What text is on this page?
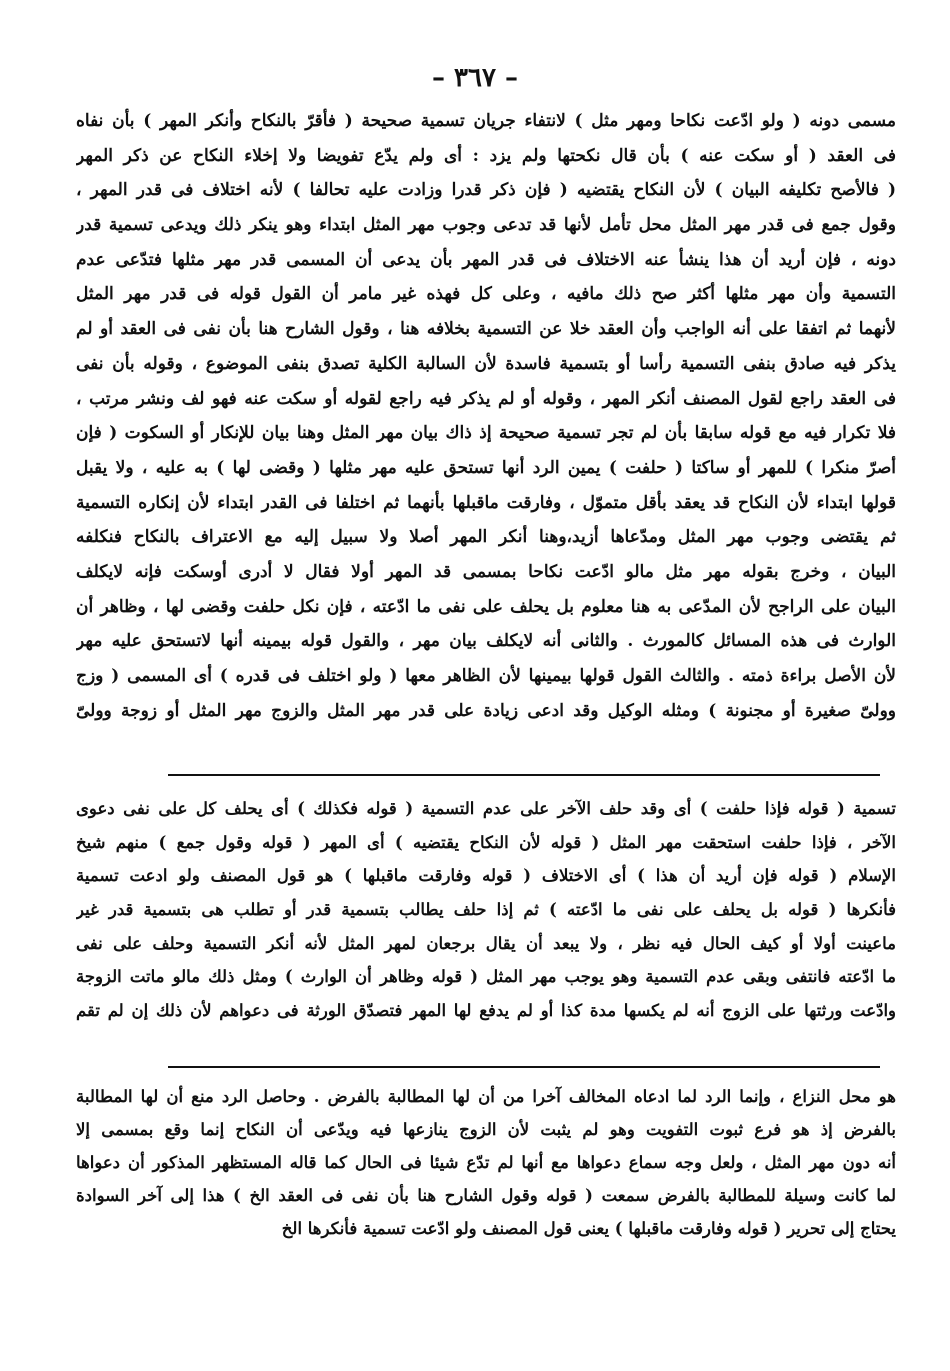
– ٣٦٧ –
مسمى دونه ( ولو ادّعت نكاحا ومهر مثل ) لانتفاء جريان تسمية صحيحة ( فأقرّ بالنكاح وأنكر المهر ) بأن نفاه
فى العقد ( أو سكت عنه ) بأن قال نكحتها ولم يزد : أى ولم يدّع تفويضا ولا إخلاء النكاح عن ذكر المهر
( فالأصح تكليفه البيان ) لأن النكاح يقتضيه ( فإن ذكر قدرا وزادت عليه تحالفا ) لأنه اختلاف فى قدر المهر ،
وقول جمع فى قدر مهر المثل محل تأمل لأنها قد تدعى وجوب مهر المثل ابتداء وهو ينكر ذلك ويدعى تسمية قدر
دونه ، فإن أريد أن هذا ينشأ عنه الاختلاف فى قدر المهر بأن يدعى أن المسمى قدر مهر مثلها فتدّعى عدم
التسمية وأن مهر مثلها أكثر صح ذلك مافيه ، وعلى كل فهذه غير مامر أن القول قوله فى قدر مهر المثل
لأنهما ثم اتفقا على أنه الواجب وأن العقد خلا عن التسمية بخلافه هنا ، وقول الشارح هنا بأن نفى فى العقد أو لم
يذكر فيه صادق بنفى التسمية رأسا أو بتسمية فاسدة لأن السالبة الكلية تصدق بنفى الموضوع ، وقوله بأن نفى
فى العقد راجع لقول المصنف أنكر المهر ، وقوله أو لم يذكر فيه راجع لقوله أو سكت عنه فهو لف ونشر مرتب ،
فلا تكرار فيه مع قوله سابقا بأن لم تجر تسمية صحيحة إذ ذاك بيان مهر المثل وهنا بيان للإنكار أو السكوت ( فإن
أصرّ منكرا ) للمهر أو ساكتا ( حلفت ) يمين الرد أنها تستحق عليه مهر مثلها ( وقضى لها ) به عليه ، ولا يقبل
قولها ابتداء لأن النكاح قد يعقد بأقل متموّل ، وفارقت ماقبلها بأنهما ثم اختلفا فى القدر ابتداء لأن إنكاره التسمية
ثم يقتضى وجوب مهر المثل ومدّعاها أزيد،وهنا أنكر المهر أصلا ولا سبيل إليه مع الاعتراف بالنكاح فنكلفه
البيان ، وخرج بقوله مهر مثل مالو ادّعت نكاحا بمسمى قد المهر أولا فقال لا أدرى أوسكت فإنه لايكلف
البيان على الراجح لأن المدّعى به هنا معلوم بل يحلف على نفى ما ادّعته ، فإن نكل حلفت وقضى لها ، وظاهر أن
الوارث فى هذه المسائل كالمورث . والثانى أنه لايكلف بيان مهر ، والقول قوله بيمينه أنها لاتستحق عليه مهر
لأن الأصل براءة ذمته . والثالث القول قولها بيمينها لأن الظاهر معها ( ولو اختلف فى قدره ) أى المسمى ( وزج
وولىّ صغيرة أو مجنونة ) ومثله الوكيل وقد ادعى زيادة على قدر مهر المثل والزوج مهر المثل أو زوجة وولىّ
تسمية ( قوله فإذا حلفت ) أى وقد حلف الآخر على عدم التسمية ( قوله فكذلك ) أى يحلف كل على نفى دعوى
الآخر ، فإذا حلفت استحقت مهر المثل ( قوله لأن النكاح يقتضيه ) أى المهر ( قوله وقول جمع ) منهم شيخ
الإسلام ( قوله فإن أريد أن هذا ) أى الاختلاف ( قوله وفارقت ماقبلها ) هو قول المصنف ولو ادعت تسمية
فأنكرها ( قوله بل يحلف على نفى ما ادّعته ) ثم إذا حلف يطالب بتسمية قدر أو تطلب هى بتسمية قدر غير
ماعينت أولا أو كيف الحال فيه نظر ، ولا يبعد أن يقال برجعان لمهر المثل لأنه أنكر التسمية وحلف على نفى
ما ادّعته فانتفى وبقى عدم التسمية وهو يوجب مهر المثل ( قوله وظاهر أن الوارث ) ومثل ذلك مالو ماتت الزوجة
وادّعت ورثتها على الزوج أنه لم يكسها مدة كذا أو لم يدفع لها المهر فتصدّق الورثة فى دعواهم لأن ذلك إن لم تقم
هو محل النزاع ، وإنما الرد لما ادعاه المخالف آخرا من أن لها المطالبة بالفرض . وحاصل الرد منع أن لها المطالبة
بالفرض إذ هو فرع ثبوت التفويت وهو لم يثبت لأن الزوج ينازعها فيه ويدّعى أن النكاح إنما وقع بمسمى إلا
أنه دون مهر المثل ، ولعل وجه سماع دعواها مع أنها لم تدّع شيئا فى الحال كما قاله المستظهر المذكور أن دعواها
لما كانت وسيلة للمطالبة بالفرض سمعت ( قوله وقول الشارح هنا بأن نفى فى العقد الخ ) هذا إلى آخر السوادة
يحتاج إلى تحرير ( قوله وفارقت ماقبلها ) يعنى قول المصنف ولو ادّعت تسمية فأنكرها الخ
